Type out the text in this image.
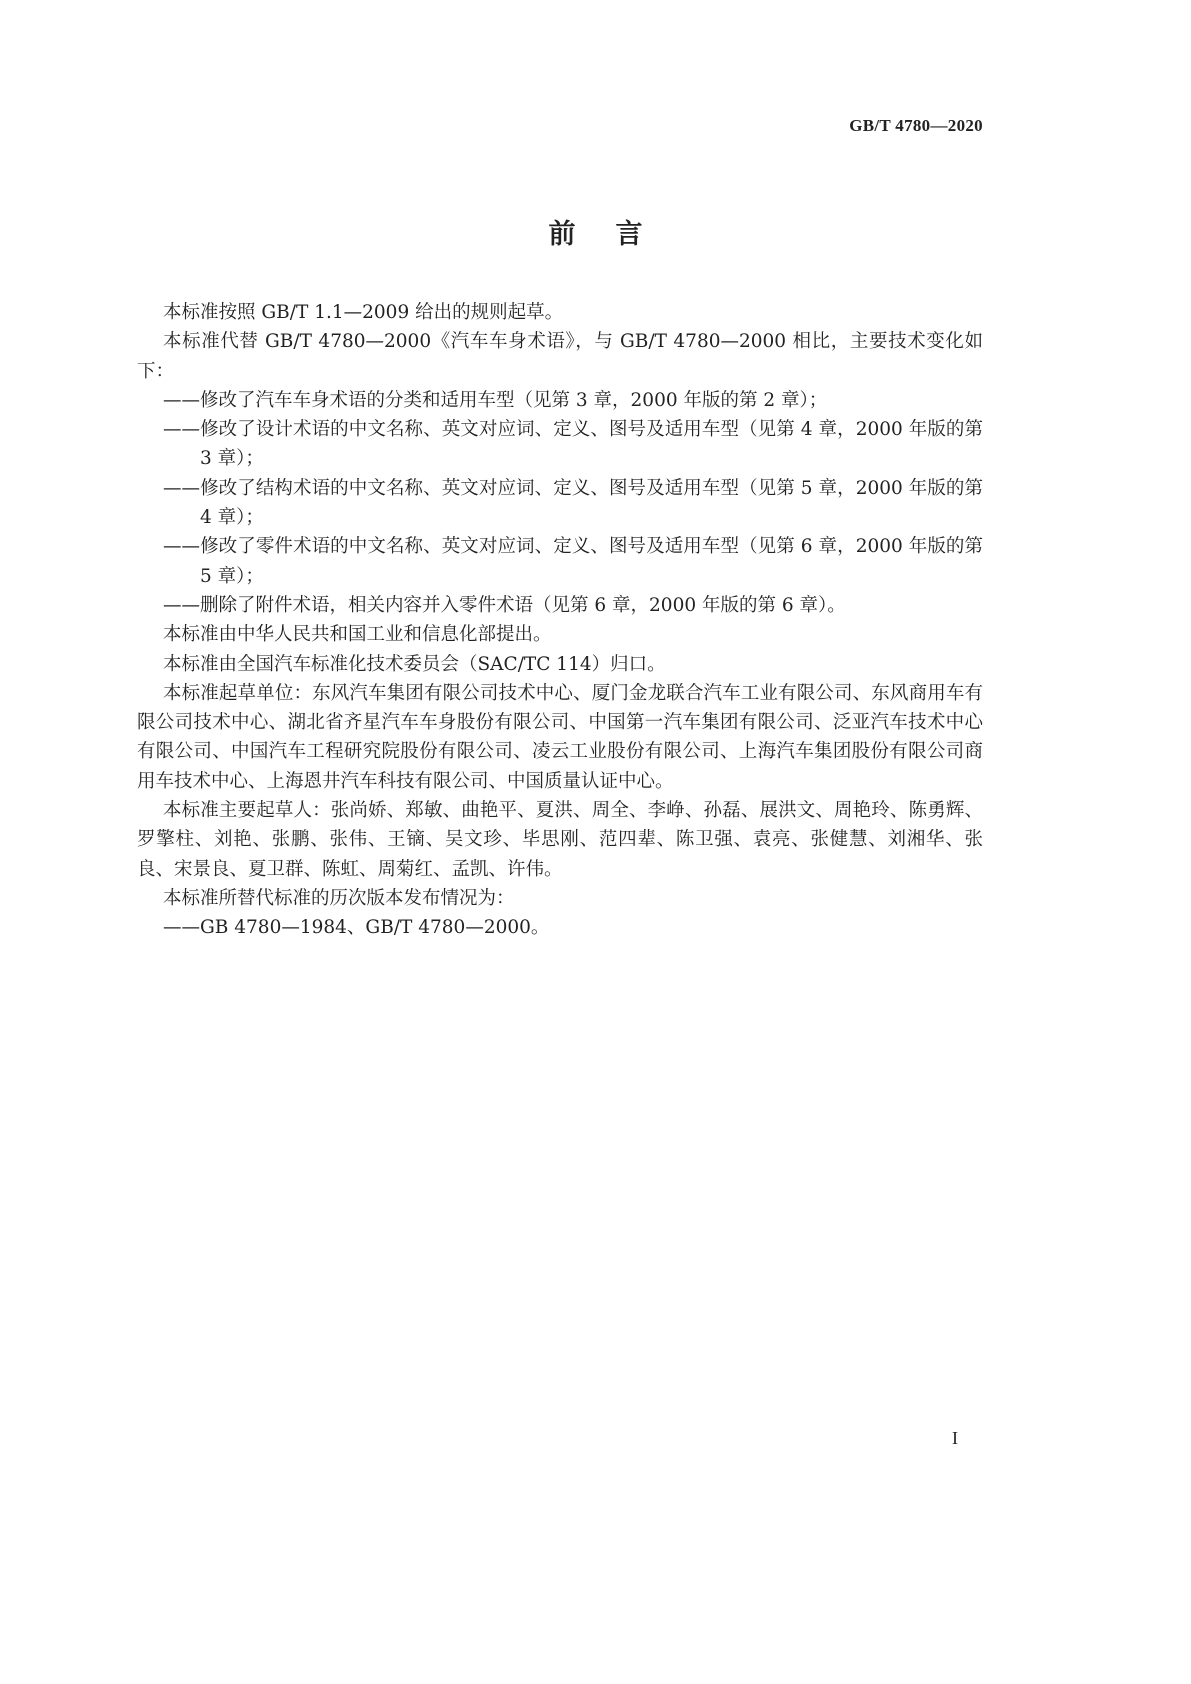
GB/T 4780—2020
前言

本标准按照 GB/T 1.1—2009 给出的规则起草。

本标准代替 GB/T 4780—2000《汽车车身术语》，与 GB/T 4780—2000 相比，主要技术变化如下：

——修改了汽车车身术语的分类和适用车型（见第 3 章，2000 年版的第 2 章）；

——修改了设计术语的中文名称、英文对应词、定义、图号及适用车型（见第 4 章，2000 年版的第 3 章）；

——修改了结构术语的中文名称、英文对应词、定义、图号及适用车型（见第 5 章，2000 年版的第 4 章）；

——修改了零件术语的中文名称、英文对应词、定义、图号及适用车型（见第 6 章，2000 年版的第 5 章）；

——删除了附件术语，相关内容并入零件术语（见第 6 章，2000 年版的第 6 章）。

本标准由中华人民共和国工业和信息化部提出。

本标准由全国汽车标准化技术委员会（SAC/TC 114）归口。

本标准起草单位：东风汽车集团有限公司技术中心、厦门金龙联合汽车工业有限公司、东风商用车有限公司技术中心、湖北省齐星汽车车身股份有限公司、中国第一汽车集团有限公司、泛亚汽车技术中心有限公司、中国汽车工程研究院股份有限公司、凌云工业股份有限公司、上海汽车集团股份有限公司商用车技术中心、上海恩井汽车科技有限公司、中国质量认证中心。

本标准主要起草人：张尚娇、郑敏、曲艳平、夏洪、周全、李峥、孙磊、展洪文、周艳玲、陈勇辉、罗擎柱、刘艳、张鹏、张伟、王镝、吴文珍、毕思刚、范四辈、陈卫强、袁亮、张健慧、刘湘华、张良、宋景良、夏卫群、陈虹、周菊红、孟凯、许伟。

本标准所替代标准的历次版本发布情况为：

——GB 4780—1984、GB/T 4780—2000。

I
